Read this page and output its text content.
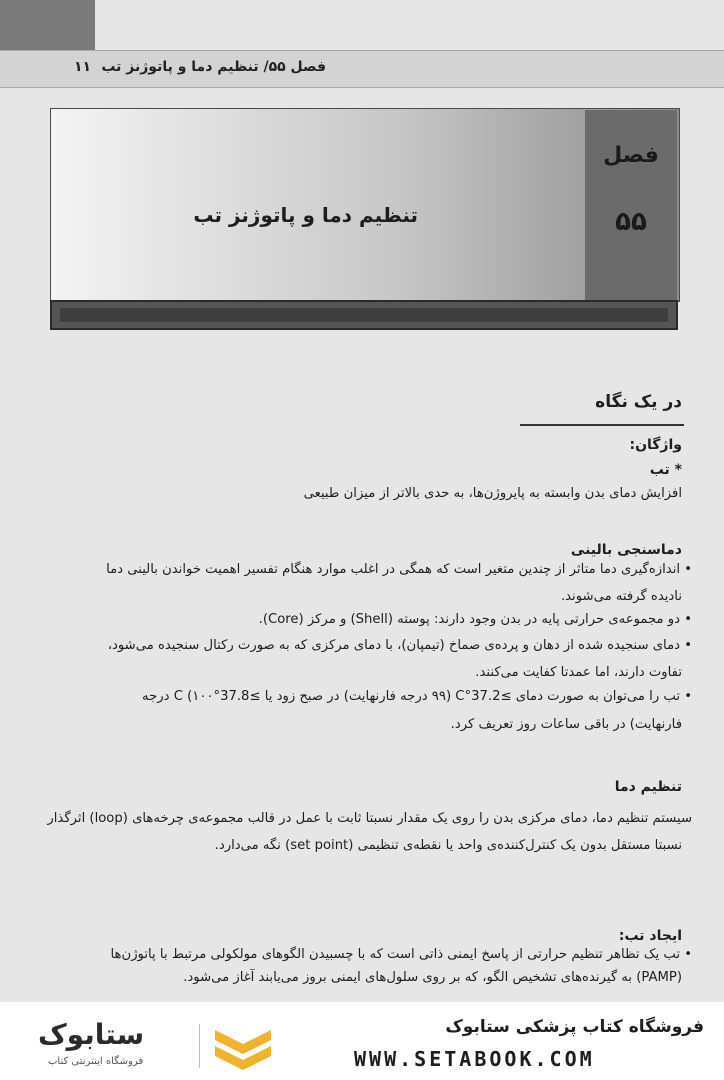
۱۱ فصل ۵۵/ تنظیم دما و پاتوژنز تب
فصل
۵۵
تنظیم دما و پاتوژنز تب
در یک نگاه
واژگان:
* تب
افزایش دمای بدن وابسته به پایروژن‌ها، به حدی بالاتر از میزان طبیعی
دماسنجی بالینی
• اندازه‌گیری دما متاثر از چندین متغیر است که همگی در اغلب موارد هنگام تفسیر اهمیت خواندن بالینی دما
نادیده گرفته می‌شوند.
• دو مجموعه‌ی حرارتی پایه در بدن وجود دارند: پوسته (Shell) و مرکز (Core).
• دمای سنجیده شده از دهان و پرده‌ی صماخ (تیمپان)، با دمای مرکزی که به صورت رکتال سنجیده می‌شود،
تفاوت دارند، اما عمدتا کفایت می‌کنند.
• تب را می‌توان به صورت دمای ≥37.2°C (۹۹ درجه فارنهایت) در صبح زود یا ≥37.8°C (۱۰۰ درجه
فارنهایت) در باقی ساعات روز تعریف کرد.
تنظیم دما
سیستم تنظیم دما، دمای مرکزی بدن را روی یک مقدار نسبتا ثابت با عمل در قالب مجموعه‌ی چرخه‌های (loop) اثرگذار
نسبتا مستقل بدون یک کنترل‌کننده‌ی واحد یا نقطه‌ی تنظیمی (set point) نگه می‌دارد.
ایجاد تب:
• تب یک تظاهر تنظیم حرارتی از پاسخ ایمنی ذاتی است که با چسبیدن الگوهای مولکولی مرتبط با پاتوژن‌ها
(PAMP) به گیرنده‌های تشخیص الگو، که بر روی سلول‌های ایمنی بروز می‌یابند آغاز می‌شود.
فروشگاه کتاب پزشکی ستابوک
WWW.SETABOOK.COM
ستابوک
فروشگاه اینترنتی کتاب
